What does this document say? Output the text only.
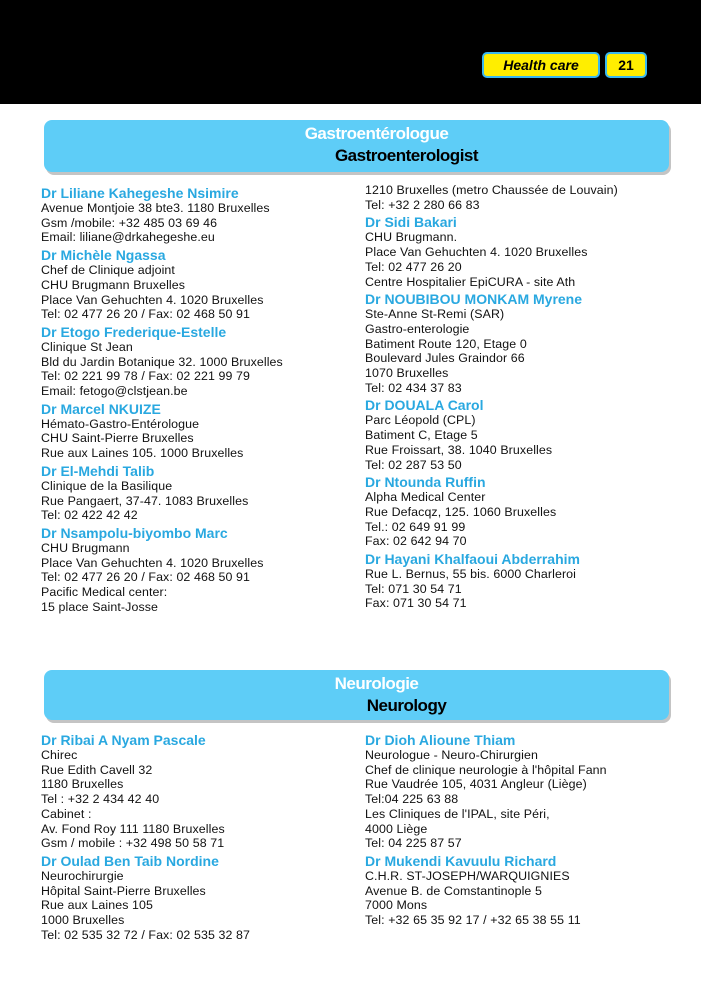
Health care	21
Gastroentérologue
Gastroenterologist
Dr Liliane Kahegeshe Nsimire
Avenue Montjoie 38 bte3. 1180 Bruxelles
Gsm /mobile: +32 485 03 69 46
Email: liliane@drkahegeshe.eu
Dr Michèle Ngassa
Chef de Clinique adjoint
CHU Brugmann Bruxelles
Place Van Gehuchten 4. 1020 Bruxelles
Tel: 02 477 26 20 / Fax: 02 468 50 91
Dr Etogo Frederique-Estelle
Clinique St Jean
Bld du Jardin Botanique 32. 1000 Bruxelles
Tel: 02 221 99 78 / Fax: 02 221 99 79
Email: fetogo@clstjean.be
Dr Marcel NKUIZE
Hémato-Gastro-Entérologue
CHU Saint-Pierre Bruxelles
Rue aux Laines 105. 1000 Bruxelles
Dr El-Mehdi Talib
Clinique de la Basilique
Rue Pangaert, 37-47. 1083 Bruxelles
Tel: 02 422 42 42
Dr Nsampolu-biyombo Marc
CHU Brugmann
Place Van Gehuchten 4. 1020 Bruxelles
Tel: 02 477 26 20 / Fax: 02 468 50 91
Pacific Medical center:
15 place Saint-Josse
1210 Bruxelles (metro Chaussée de Louvain)
Tel: +32 2 280 66 83
Dr Sidi Bakari
CHU Brugmann.
Place Van Gehuchten 4. 1020 Bruxelles
Tel: 02 477 26 20
Centre Hospitalier EpiCURA - site Ath
Dr NOUBIBOU MONKAM Myrene
Ste-Anne St-Remi (SAR)
Gastro-enterologie
Batiment Route 120, Etage 0
Boulevard Jules Graindor 66
1070 Bruxelles
Tel: 02 434 37 83
Dr DOUALA Carol
Parc Léopold (CPL)
Batiment C, Etage 5
Rue Froissart, 38. 1040 Bruxelles
Tel: 02 287 53 50
Dr Ntounda Ruffin
Alpha Medical Center
Rue Defacqz, 125. 1060 Bruxelles
Tel.: 02 649 91 99
Fax: 02 642 94 70
Dr Hayani Khalfaoui Abderrahim
Rue L. Bernus, 55 bis. 6000 Charleroi
Tel: 071 30 54 71
Fax: 071 30 54 71
Neurologie
Neurology
Dr Ribai A Nyam Pascale
Chirec
Rue Edith Cavell 32
1180 Bruxelles
Tel : +32 2 434 42 40
Cabinet :
Av. Fond Roy 111 1180 Bruxelles
Gsm / mobile : +32 498 50 58 71
Dr Oulad Ben Taib Nordine
Neurochirurgie
Hôpital Saint-Pierre Bruxelles
Rue aux Laines 105
1000 Bruxelles
Tel: 02 535 32 72 / Fax: 02 535 32 87
Dr Dioh Alioune Thiam
Neurologue - Neuro-Chirurgien
Chef de clinique neurologie à l'hôpital Fann
Rue Vaudrée 105, 4031 Angleur (Liège)
Tel:04 225 63 88
Les Cliniques de l'IPAL, site Péri,
4000 Liège
Tel: 04 225 87 57
Dr Mukendi Kavuulu Richard
C.H.R. ST-JOSEPH/WARQUIGNIES
Avenue B. de Comstantinople 5
7000 Mons
Tel: +32 65 35 92 17 / +32 65 38 55 11
